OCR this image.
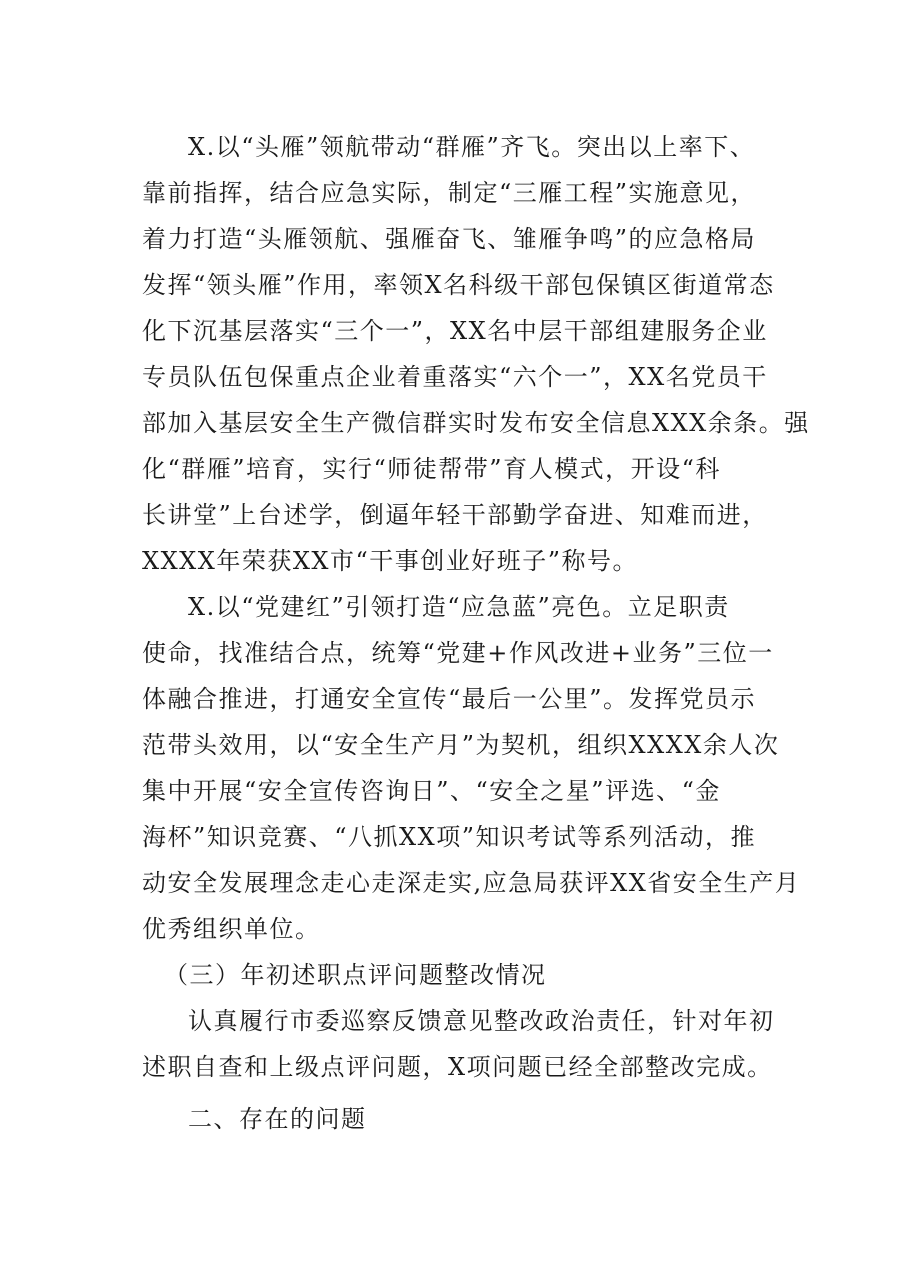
X.以“头雁”领航带动“群雁”齐飞。突出以上率下、
靠前指挥，结合应急实际，制定“三雁工程”实施意见，
着力打造“头雁领航、强雁奋飞、雏雁争鸣”的应急格局
发挥“领头雁”作用，率领X名科级干部包保镇区街道常态
化下沉基层落实“三个一”，XX名中层干部组建服务企业
专员队伍包保重点企业着重落实“六个一”，XX名党员干
部加入基层安全生产微信群实时发布安全信息XXX余条。强
化“群雁”培育，实行“师徒帮带”育人模式，开设“科
长讲堂”上台述学，倒逼年轻干部勤学奋进、知难而进，
XXXX年荣获XX市“干事创业好班子”称号。
X.以“党建红”引领打造“应急蓝”亮色。立足职责
使命，找准结合点，统筹“党建+作风改进+业务”三位一
体融合推进，打通安全宣传“最后一公里”。发挥党员示
范带头效用，以“安全生产月”为契机，组织XXXX余人次
集中开展“安全宣传咨询日”、“安全之星”评选、“金
海杯”知识竞赛、“八抓XX项”知识考试等系列活动，推
动安全发展理念走心走深走实,应急局获评XX省安全生产月
优秀组织单位。
（三）年初述职点评问题整改情况
认真履行市委巡察反馈意见整改政治责任，针对年初
述职自查和上级点评问题，X项问题已经全部整改完成。
二、存在的问题
